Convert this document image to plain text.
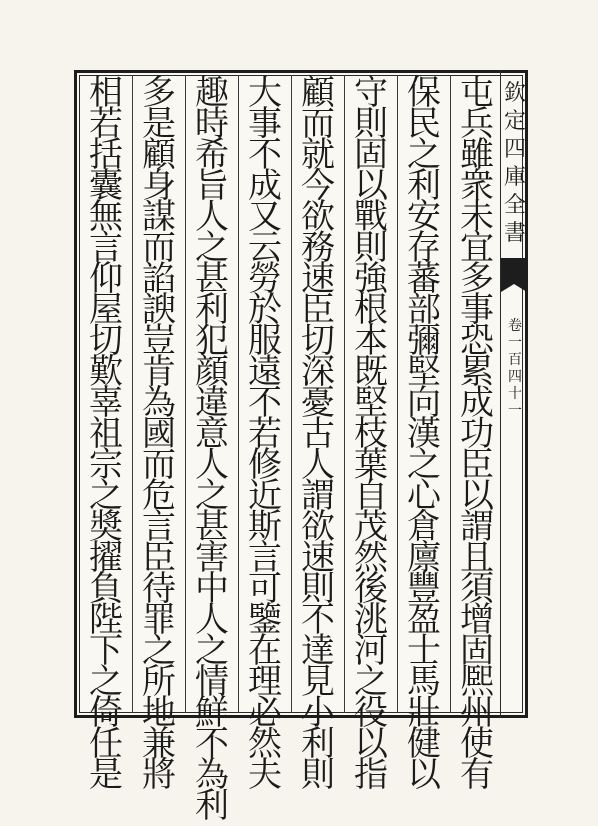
欽
定
四
庫
全
書
卷
一
百
四
十
一
屯
兵
雖
衆
未
宜
多
事
恐
累
成
功
臣
以
謂
且
須
增
固
熈
州
使
有
保
民
之
利
安
存
蕃
部
彌
堅
向
漢
之
心
倉
廪
豐
盈
士
馬
壯
健
以
守
則
固
以
戰
則
強
根
本
既
堅
枝
葉
自
茂
然
後
洮
河
之
役
以
指
顧
而
就
今
欲
務
速
臣
切
深
憂
古
人
謂
欲
速
則
不
達
見
小
利
則
大
事
不
成
又
云
勞
於
服
遠
不
若
修
近
斯
言
可
鑒
在
理
必
然
夫
趣
時
希
旨
人
之
甚
利
犯
顔
違
意
人
之
甚
害
中
人
之
情
鮮
不
為
利
多
是
顧
身
謀
而
諂
諛
豈
肯
為
國
而
危
言
臣
待
罪
之
所
地
兼
將
相
若
括
囊
無
言
仰
屋
切
歎
辜
祖
宗
之
奬
擢
負
陛
下
之
倚
任
是
